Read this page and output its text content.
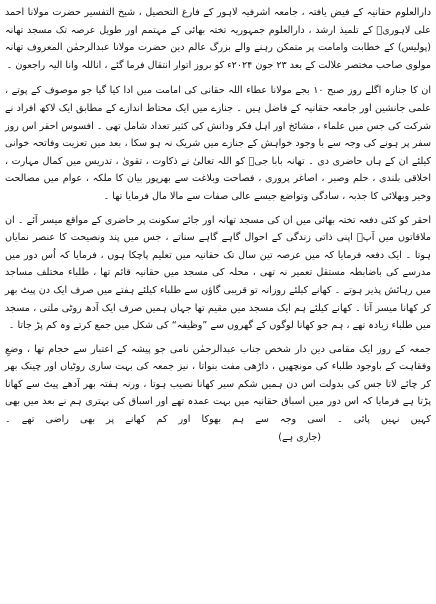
دارالعلوم حقانیہ کے فیض یافتہ ، جامعہ اشرفیہ لاہور کے فارغ التحصیل ، شیخ التفسیر حضرت مولانا احمد علی لاہوریؒ کے تلمیذ ارشد ، دارالعلوم جمہوریہ تختہ بھائی کے مہتمم اور طویل عرصہ تک مسجد تھانہ (پولیس) کے خطابت وامامت پر متمکن رہنے والے بزرگ عالم دین حضرت مولانا عبدالرحمٰن المعروف تھانہ مولوی صاحب مختصر علالت کے بعد ۲۳ جون ۲۰۲۴ء کو بروز اتوار انتقال فرما گئے ، اناللہ وانا الیہ راجعون ۔

ان کا جنازہ اگلے روز صبح ۱۰ بجے مولانا عطاء اللہ حقانی کی امامت میں ادا کیا گیا جو موصوف کے پوتے ، علمی جانشین اور جامعہ حقانیہ کے فاضل ہیں ۔ جنازے میں ایک محتاط اندازے کے مطابق ایک لاکھ افراد نے شرکت کی جس میں علماء ، مشائخ اور اہل فکر ودانش کی کثیر تعداد شامل تھی ۔ افسوس احقر اس روز سفر پر ہونے کی وجہ سے با وجود خواہش کے جنازے میں شریک نہ ہو سکا ، بعد میں تعزیت وفاتحہ خوانی کیلئے ان کے ہاں حاضری دی ۔ تھانہ بابا جیؒ کو اللہ تعالیٰ نے ذکاوت ، تقویٰ ، تدریس میں کمال مہارت ، اخلاقی بلندی ، حلم وصبر ، اصاغر پروری ، فصاحت وبلاغت سے بھرپور بیان کا ملکہ ، عوام میں مصالحت وخیر وبھلائی کا جذبہ ، سادگی وتواضع جیسے عالی صفات سے مالا مال فرمایا تھا ۔

احقر کو کئی دفعہ تختہ بھائی میں ان کی مسجد تھانہ اور جائے سکونت پر حاضری کے مواقع میسر آئے ۔ ان ملاقاتوں میں آپؒ اپنی ذاتی زندگی کے احوال گاہے گاہے سناتے ، جس میں پند ونصیحت کا عنصر نمایاں ہوتا ۔ ایک دفعہ فرمایا کہ میں عرصہ تین سال تک حقانیہ میں تعلیم پاچکا ہوں ، فرمایا کہ اُس دور میں مدرسے کی باضابطہ مستقل تعمیر نہ تھی ، محلہ کی مسجد میں حقانیہ قائم تھا ، طلباء مختلف مساجد میں رہائش پذیر ہوتے ۔ کھانے کیلئے روزانہ تو قریبی گاؤں سے طلباء کیلئے ہفتے میں صرف ایک دن پیٹ بھر کر کھانا میسر آتا ۔ کھانے کیلئے ہم ایک مسجد میں مقیم تھا جہاں ہمیں صرف ایک آدھ روٹی ملتی ، مسجد میں طلباء زیادہ تھے ، ہم جو کھانا لوگوں کے گھروں سے ”وظیفہ“ کی شکل میں جمع کرتے وہ کم پڑ جاتا ۔

جمعہ کے روز ایک مقامی دین دار شخص جناب عبدالرحمٰن نامی جو پیشہ کے اعتبار سے حجام تھا ، وضعِ وفقاہت کے باوجود طلباء کی مونچھیں ، داڑھی مفت بنواتا ، نیز جمعہ کی بہت ساری روٹیاں اور چینک بھر کر چائے لاتا جس کی بدولت اس دن ہمیں شکم سیر کھانا نصیب ہوتا ، ورنہ ہفتہ بھر آدھے پیٹ سے کھانا پڑتا ہے فرمایا کہ اس دور میں اسباق حقانیہ میں بہت عمدہ تھے اور اسباق کی بہتری ہم نے بعد میں بھی کہیں نہیں پائی ۔ اسی وجہ سے ہم بھوکا اور کم کھانے پر بھی راضی تھے ۔(جاری ہے)
